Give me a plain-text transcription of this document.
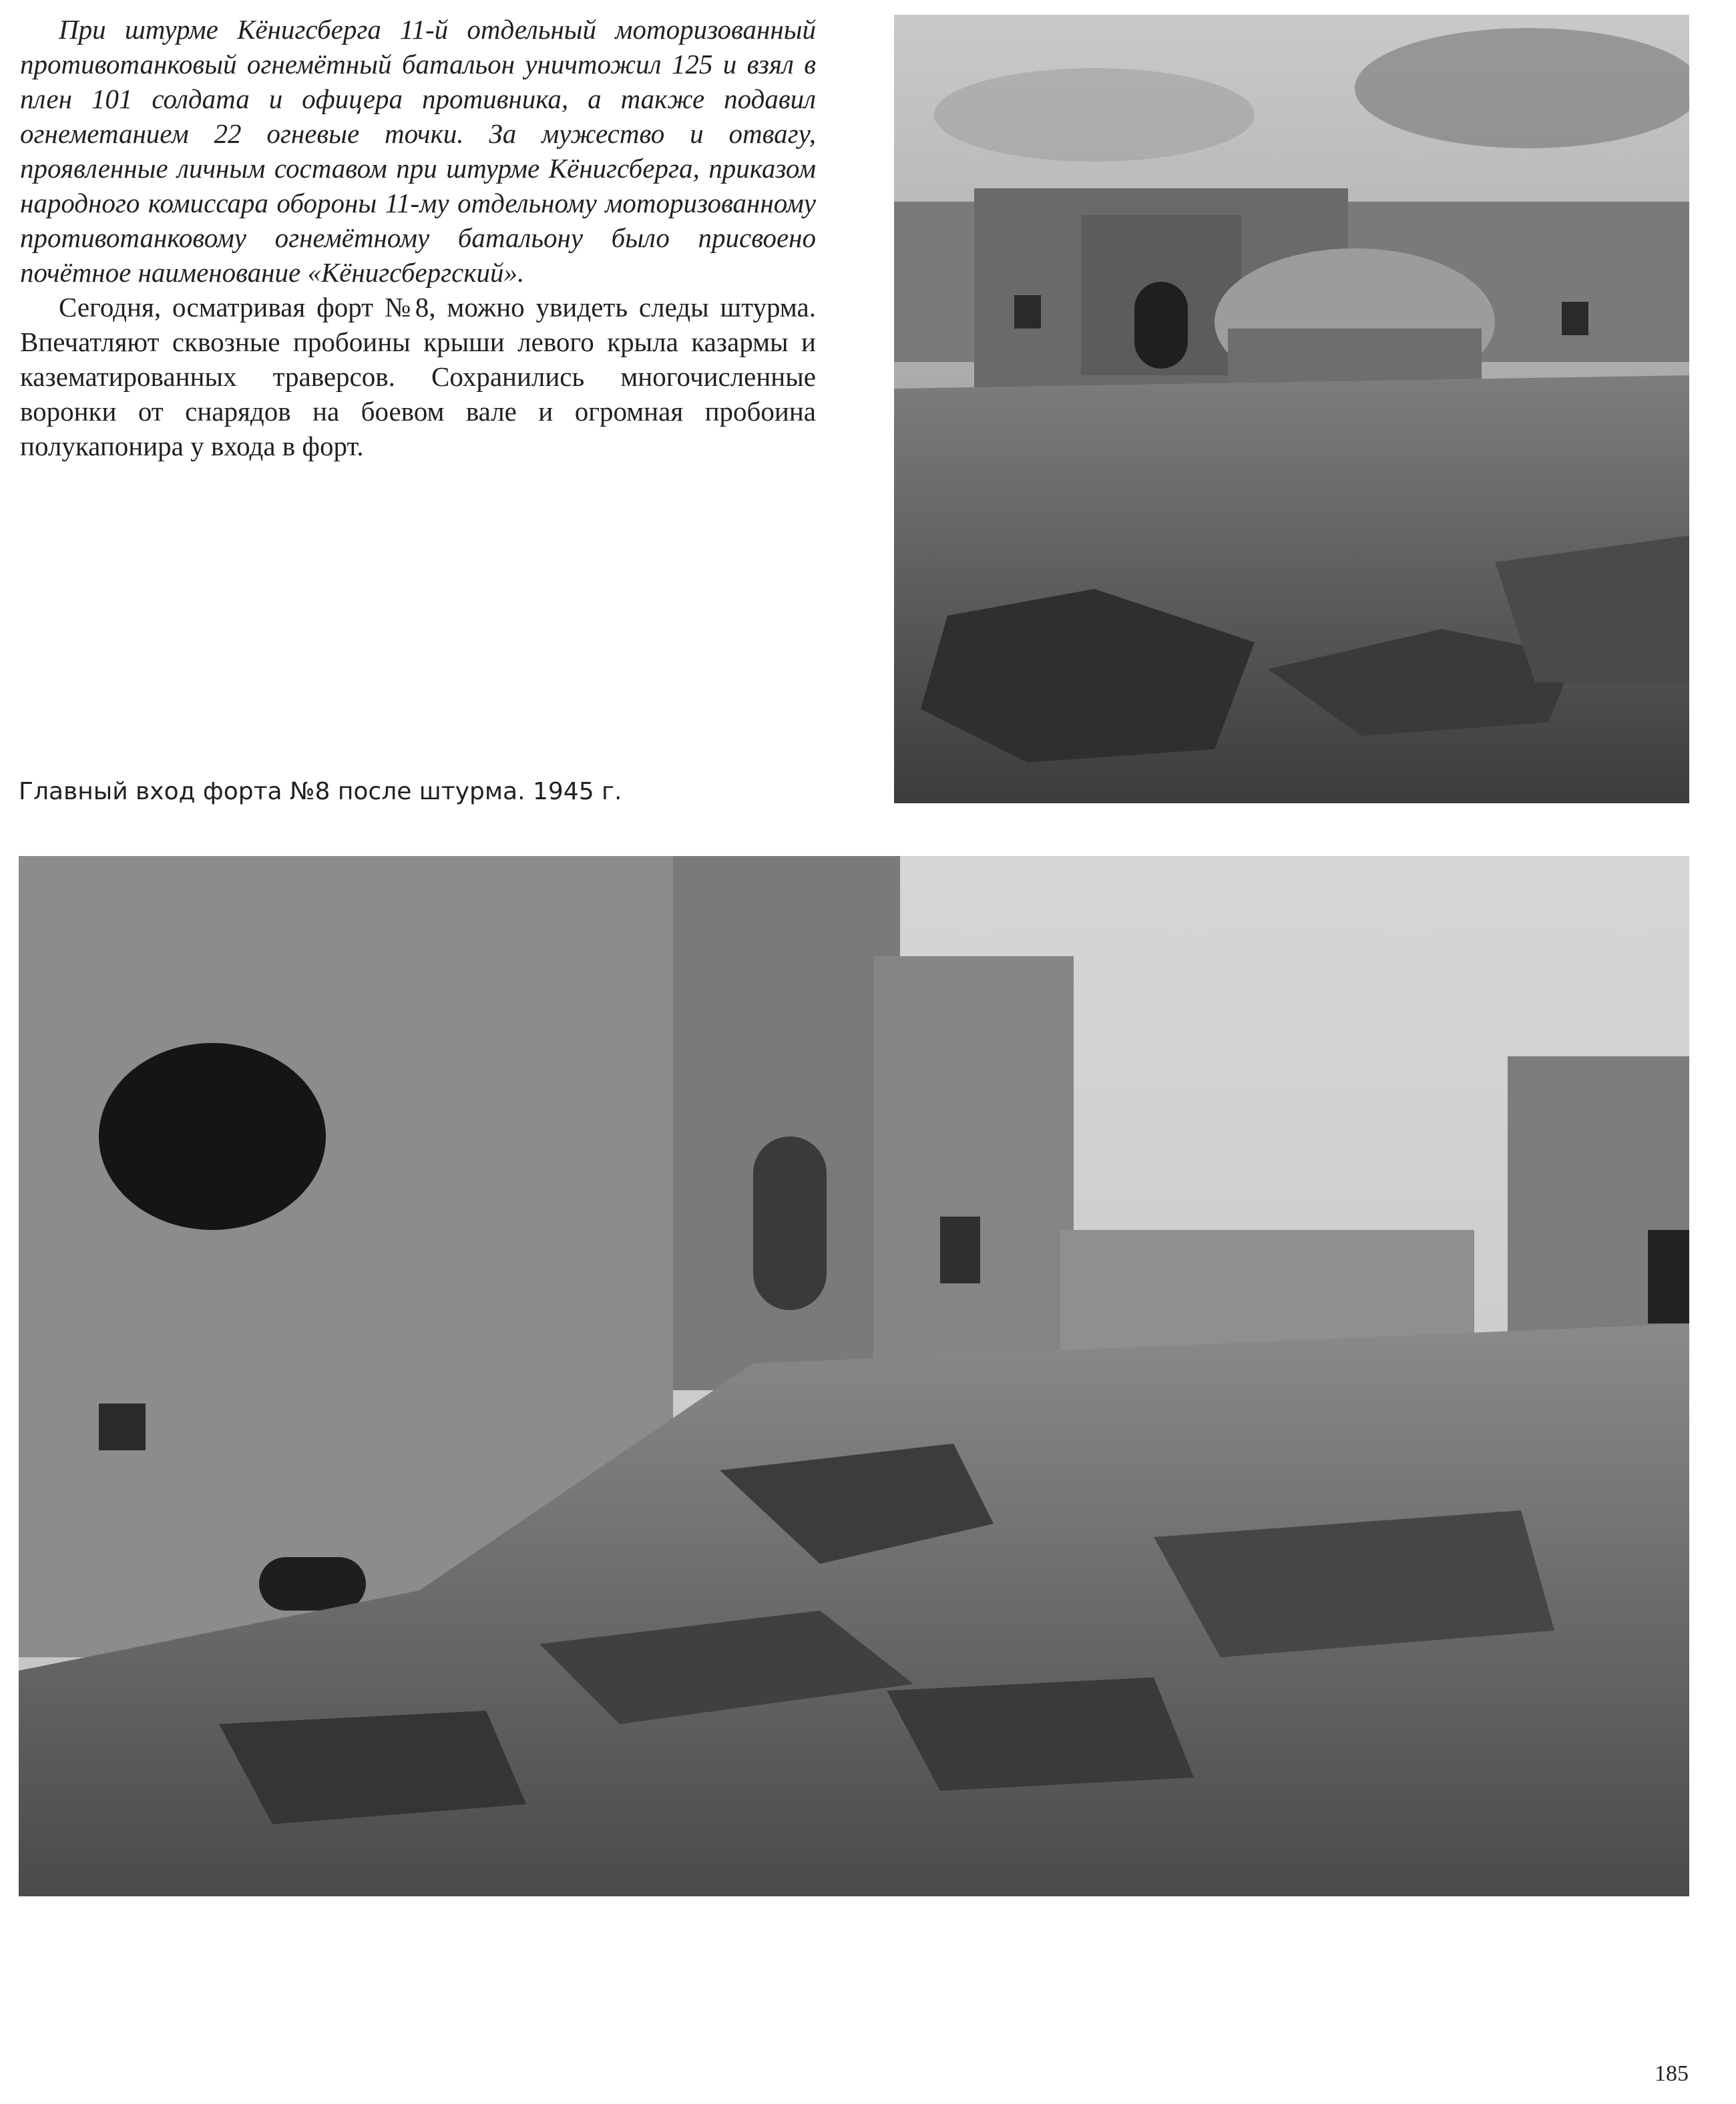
При штурме Кёнигсберга 11-й отдельный моторизованный противотанковый огнемётный батальон уничтожил 125 и взял в плен 101 солдата и офицера противника, а также подавил огнеметанием 22 огневые точки. За мужество и отвагу, проявленные личным составом при штурме Кёнигсберга, приказом народного комиссара обороны 11-му отдельному моторизованному противотанковому огнемётному батальону было присвоено почётное наименование «Кёнигсбергский».

Сегодня, осматривая форт №8, можно увидеть следы штурма. Впечатляют сквозные пробоины крыши левого крыла казармы и казематированных траверсов. Сохранились многочисленные воронки от снарядов на боевом вале и огромная пробоина полукапонира у входа в форт.

Главный вход форта №8 после штурма. 1945 г.
185
